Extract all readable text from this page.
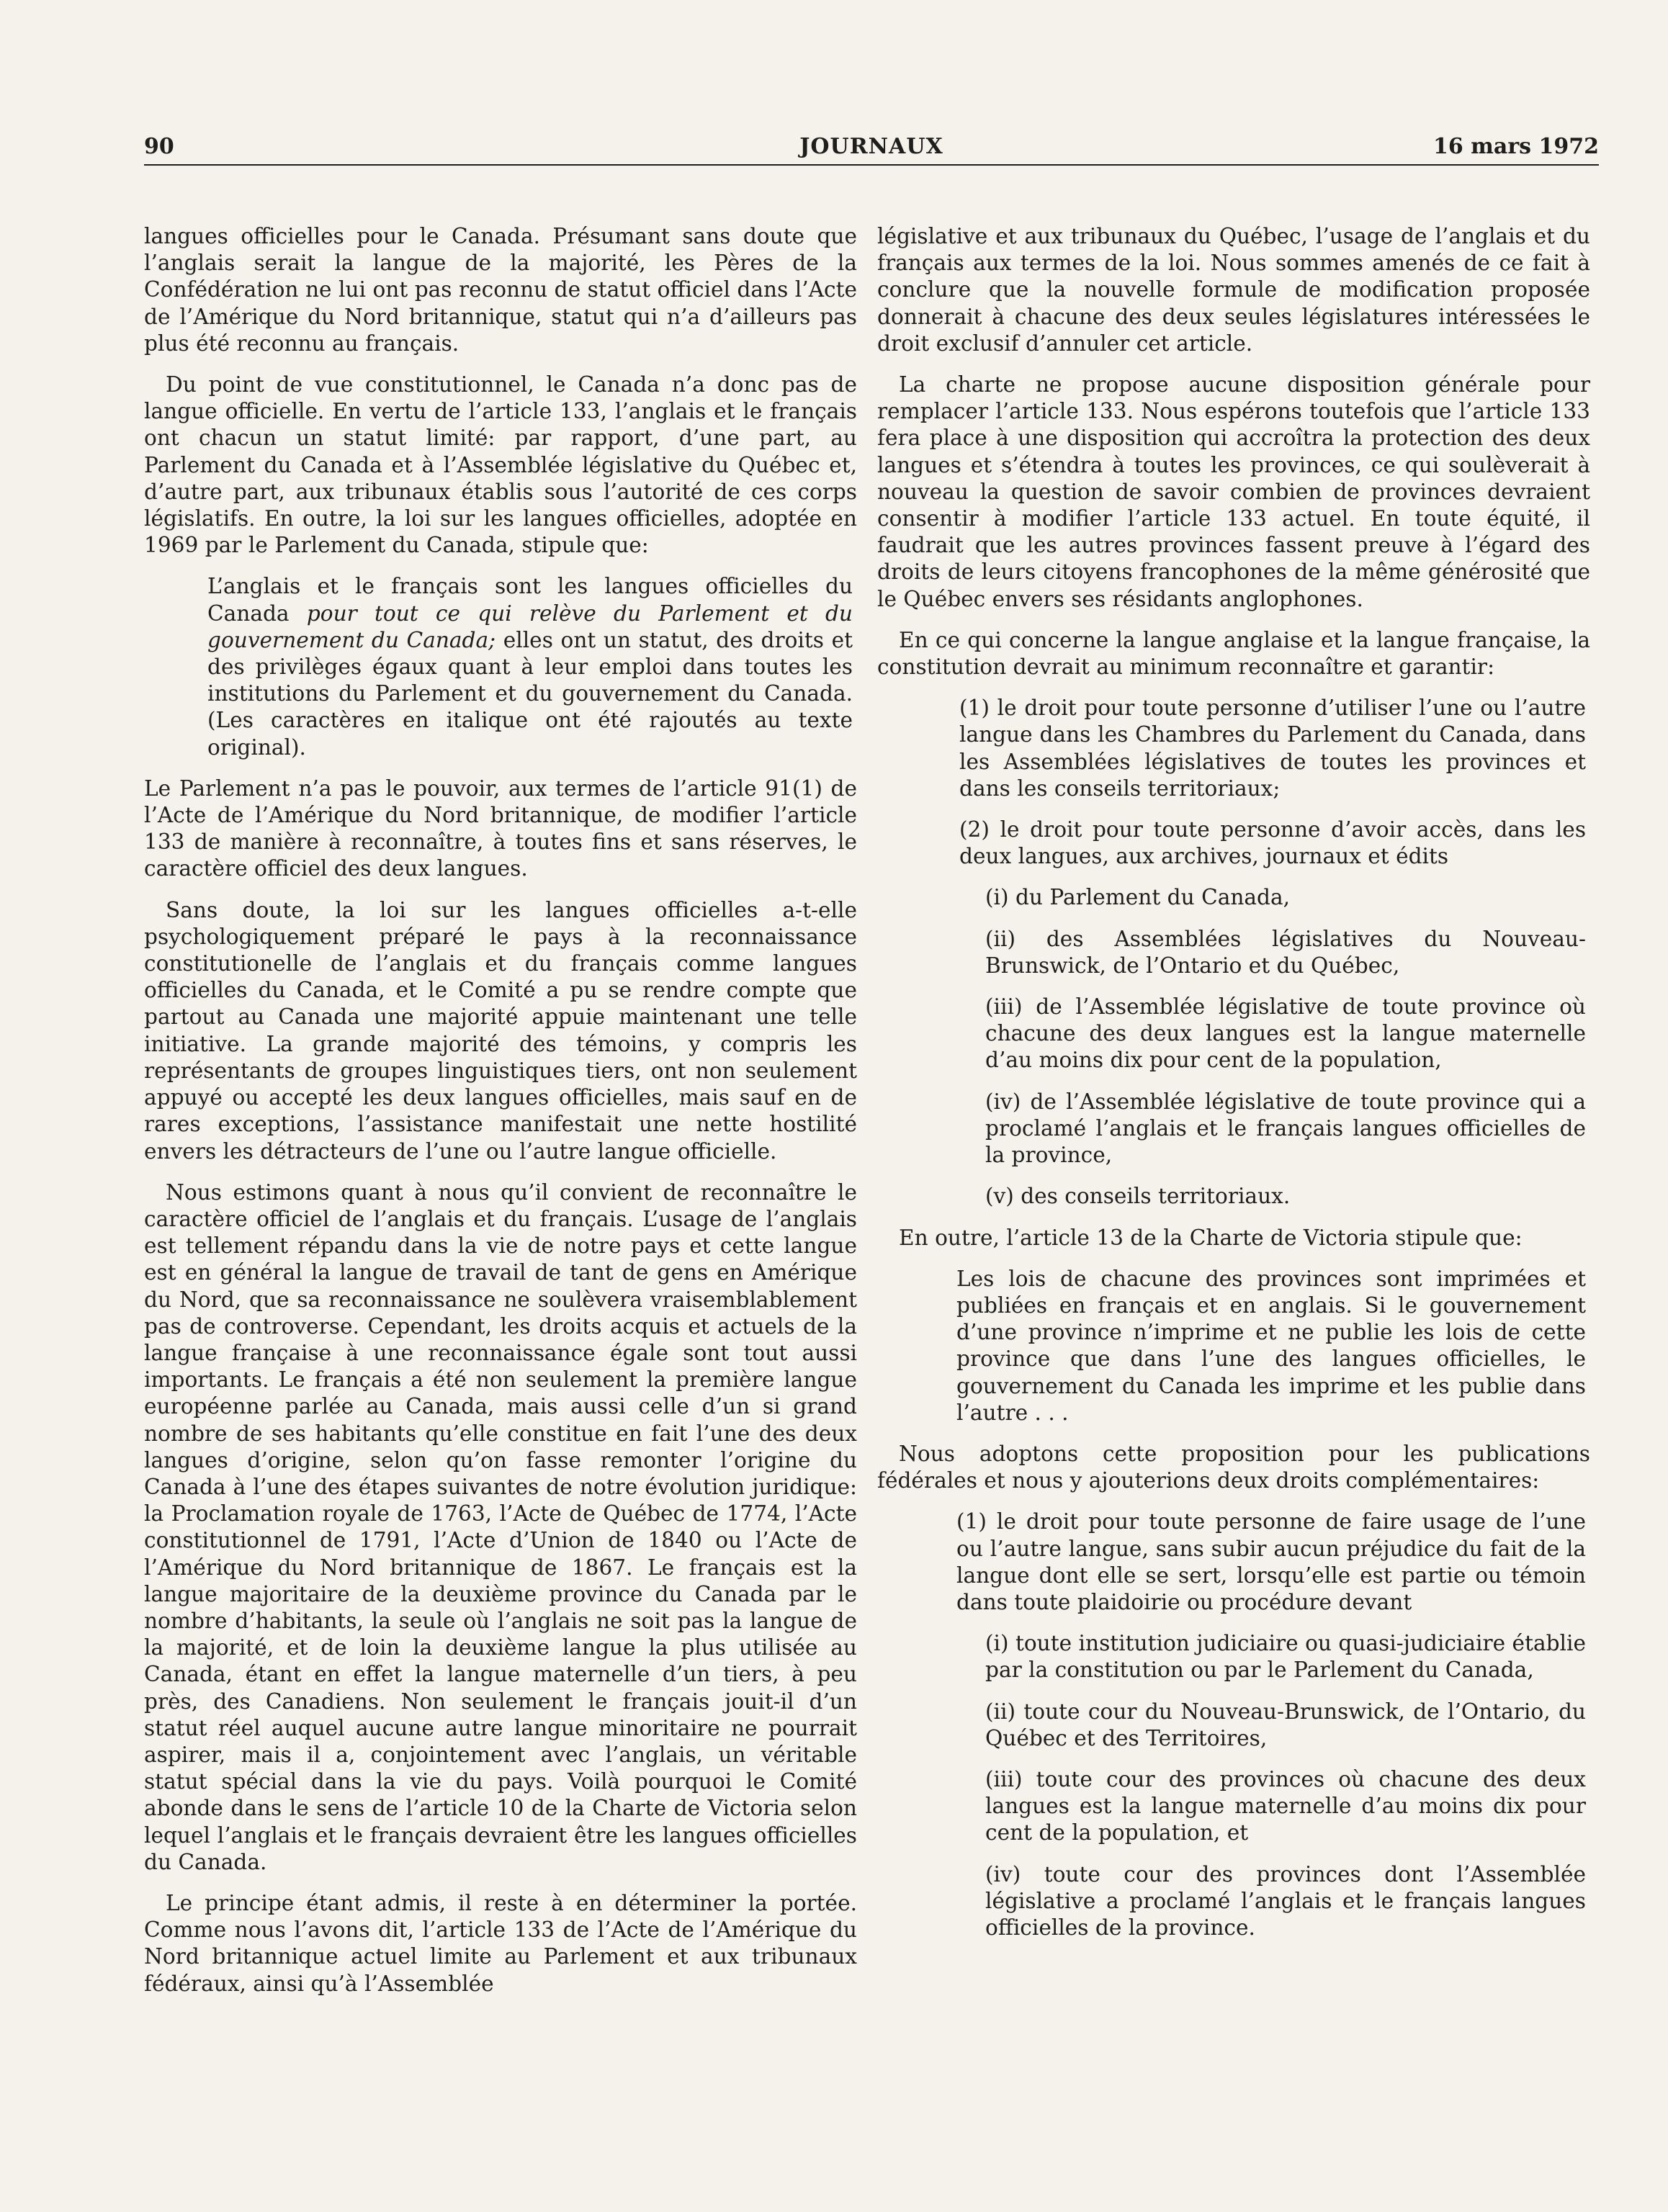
JOURNAUX
90	16 mars 1972

langues officielles pour le Canada. Présumant sans doute que l’anglais serait la langue de la majorité, les Pères de la Confédération ne lui ont pas reconnu de statut officiel dans l’Acte de l’Amérique du Nord britannique, statut qui n’a d’ailleurs pas plus été reconnu au français.

Du point de vue constitutionnel, le Canada n’a donc pas de langue officielle. En vertu de l’article 133, l’anglais et le français ont chacun un statut limité: par rapport, d’une part, au Parlement du Canada et à l’Assemblée législative du Québec et, d’autre part, aux tribunaux établis sous l’autorité de ces corps législatifs. En outre, la loi sur les langues officielles, adoptée en 1969 par le Parlement du Canada, stipule que:

L’anglais et le français sont les langues officielles du Canada pour tout ce qui relève du Parlement et du gouvernement du Canada; elles ont un statut, des droits et des privilèges égaux quant à leur emploi dans toutes les institutions du Parlement et du gouvernement du Canada. (Les caractères en italique ont été rajoutés au texte original).

Le Parlement n’a pas le pouvoir, aux termes de l’article 91(1) de l’Acte de l’Amérique du Nord britannique, de modifier l’article 133 de manière à reconnaître, à toutes fins et sans réserves, le caractère officiel des deux langues.

Sans doute, la loi sur les langues officielles a-t-elle psychologiquement préparé le pays à la reconnaissance constitutionelle de l’anglais et du français comme langues officielles du Canada, et le Comité a pu se rendre compte que partout au Canada une majorité appuie maintenant une telle initiative. La grande majorité des témoins, y compris les représentants de groupes linguistiques tiers, ont non seulement appuyé ou accepté les deux langues officielles, mais sauf en de rares exceptions, l’assistance manifestait une nette hostilité envers les détracteurs de l’une ou l’autre langue officielle.

Nous estimons quant à nous qu’il convient de reconnaître le caractère officiel de l’anglais et du français. L’usage de l’anglais est tellement répandu dans la vie de notre pays et cette langue est en général la langue de travail de tant de gens en Amérique du Nord, que sa reconnaissance ne soulèvera vraisemblablement pas de controverse. Cependant, les droits acquis et actuels de la langue française à une reconnaissance égale sont tout aussi importants. Le français a été non seulement la première langue européenne parlée au Canada, mais aussi celle d’un si grand nombre de ses habitants qu’elle constitue en fait l’une des deux langues d’origine, selon qu’on fasse remonter l’origine du Canada à l’une des étapes suivantes de notre évolution juridique: la Proclamation royale de 1763, l’Acte de Québec de 1774, l’Acte constitutionnel de 1791, l’Acte d’Union de 1840 ou l’Acte de l’Amérique du Nord britannique de 1867. Le français est la langue majoritaire de la deuxième province du Canada par le nombre d’habitants, la seule où l’anglais ne soit pas la langue de la majorité, et de loin la deuxième langue la plus utilisée au Canada, étant en effet la langue maternelle d’un tiers, à peu près, des Canadiens. Non seulement le français jouit-il d’un statut réel auquel aucune autre langue minoritaire ne pourrait aspirer, mais il a, conjointement avec l’anglais, un véritable statut spécial dans la vie du pays. Voilà pourquoi le Comité abonde dans le sens de l’article 10 de la Charte de Victoria selon lequel l’anglais et le français devraient être les langues officielles du Canada.

Le principe étant admis, il reste à en déterminer la portée. Comme nous l’avons dit, l’article 133 de l’Acte de l’Amérique du Nord britannique actuel limite au Parlement et aux tribunaux fédéraux, ainsi qu’à l’Assemblée

législative et aux tribunaux du Québec, l’usage de l’anglais et du français aux termes de la loi. Nous sommes amenés de ce fait à conclure que la nouvelle formule de modification proposée donnerait à chacune des deux seules législatures intéressées le droit exclusif d’annuler cet article.

La charte ne propose aucune disposition générale pour remplacer l’article 133. Nous espérons toutefois que l’article 133 fera place à une disposition qui accroîtra la protection des deux langues et s’étendra à toutes les provinces, ce qui soulèverait à nouveau la question de savoir combien de provinces devraient consentir à modifier l’article 133 actuel. En toute équité, il faudrait que les autres provinces fassent preuve à l’égard des droits de leurs citoyens francophones de la même générosité que le Québec envers ses résidants anglophones.

En ce qui concerne la langue anglaise et la langue française, la constitution devrait au minimum reconnaître et garantir:

(1) le droit pour toute personne d’utiliser l’une ou l’autre langue dans les Chambres du Parlement du Canada, dans les Assemblées législatives de toutes les provinces et dans les conseils territoriaux;

(2) le droit pour toute personne d’avoir accès, dans les deux langues, aux archives, journaux et édits

(i) du Parlement du Canada,

(ii) des Assemblées législatives du Nouveau-Brunswick, de l’Ontario et du Québec,

(iii) de l’Assemblée législative de toute province où chacune des deux langues est la langue maternelle d’au moins dix pour cent de la population,

(iv) de l’Assemblée législative de toute province qui a proclamé l’anglais et le français langues officielles de la province,

(v) des conseils territoriaux.

En outre, l’article 13 de la Charte de Victoria stipule que:

Les lois de chacune des provinces sont imprimées et publiées en français et en anglais. Si le gouvernement d’une province n’imprime et ne publie les lois de cette province que dans l’une des langues officielles, le gouvernement du Canada les imprime et les publie dans l’autre . . .

Nous adoptons cette proposition pour les publications fédérales et nous y ajouterions deux droits complémentaires:

(1) le droit pour toute personne de faire usage de l’une ou l’autre langue, sans subir aucun préjudice du fait de la langue dont elle se sert, lorsqu’elle est partie ou témoin dans toute plaidoirie ou procédure devant

(i) toute institution judiciaire ou quasi-judiciaire établie par la constitution ou par le Parlement du Canada,

(ii) toute cour du Nouveau-Brunswick, de l’Ontario, du Québec et des Territoires,

(iii) toute cour des provinces où chacune des deux langues est la langue maternelle d’au moins dix pour cent de la population, et

(iv) toute cour des provinces dont l’Assemblée législative a proclamé l’anglais et le français langues officielles de la province.
